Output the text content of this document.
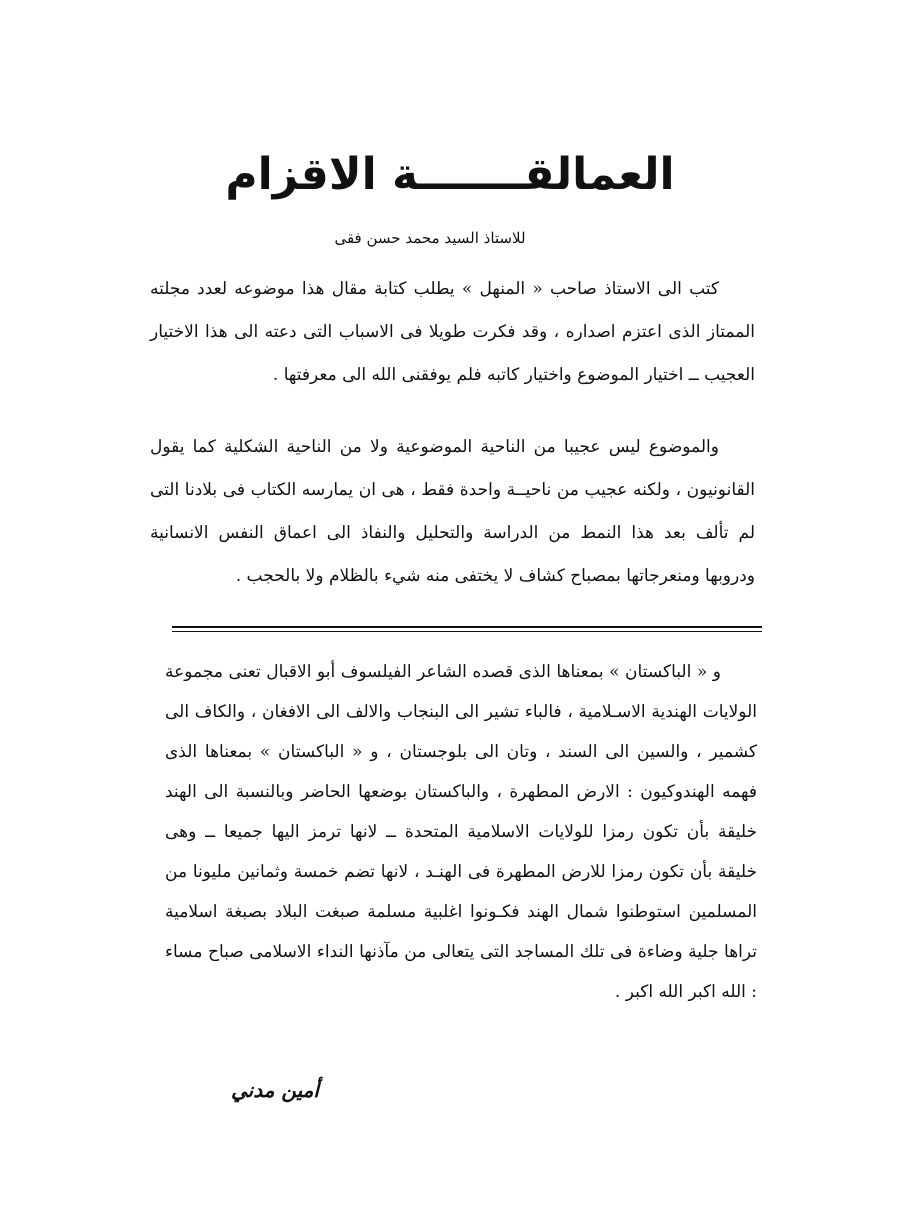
العمالقـــــــة الاقزام
للاستاذ السيد محمد حسن فقى

كتب الى الاستاذ صاحب « المنهل » يطلب كتابة مقال هذا موضوعه لعدد مجلته الممتاز الذى اعتزم اصداره ، وقد فكرت طويلا فى الاسباب التى دعته الى هذا الاختيار العجيب ــ اختيار الموضوع واختيار كاتبه فلم يوفقنى الله الى معرفتها .

والموضوع ليس عجيبا من الناحية الموضوعية ولا من الناحية الشكلية كما يقول القانونيون ، ولكنه عجيب من ناحيــة واحدة فقط ، هى ان يمارسه الكتاب فى بلادنا التى لم تألف بعد هذا النمط من الدراسة والتحليل والنفاذ الى اعماق النفس الانسانية ودروبها ومنعرجاتها بمصباح كشاف لا يختفى منه شيء بالظلام ولا بالحجب .

و « الباكستان » بمعناها الذى قصده الشاعر الفيلسوف أبو الاقبال تعنى مجموعة الولايات الهندية الاسـلامية ، فالباء تشير الى البنجاب والالف الى الافغان ، والكاف الى كشمير ، والسين الى السند ، وتان الى بلوجستان ، و « الباكستان » بمعناها الذى فهمه الهندوكيون : الارض المطهرة ، والباكستان بوضعها الحاضر وبالنسبة الى الهند خليقة بأن تكون رمزا للولايات الاسلامية المتحدة ــ لانها ترمز اليها جميعا ــ وهى خليقة بأن تكون رمزا للارض المطهرة فى الهنـد ، لانها تضم خمسة وثمانين مليونا من المسلمين استوطنوا شمال الهند فكـونوا اغلبية مسلمة صبغت البلاد بصبغة اسلامية تراها جلية وضاءة فى تلك المساجد التى يتعالى من مآذنها النداء الاسلامى صباح مساء : الله اكبر الله اكبر .

أمين مدني
